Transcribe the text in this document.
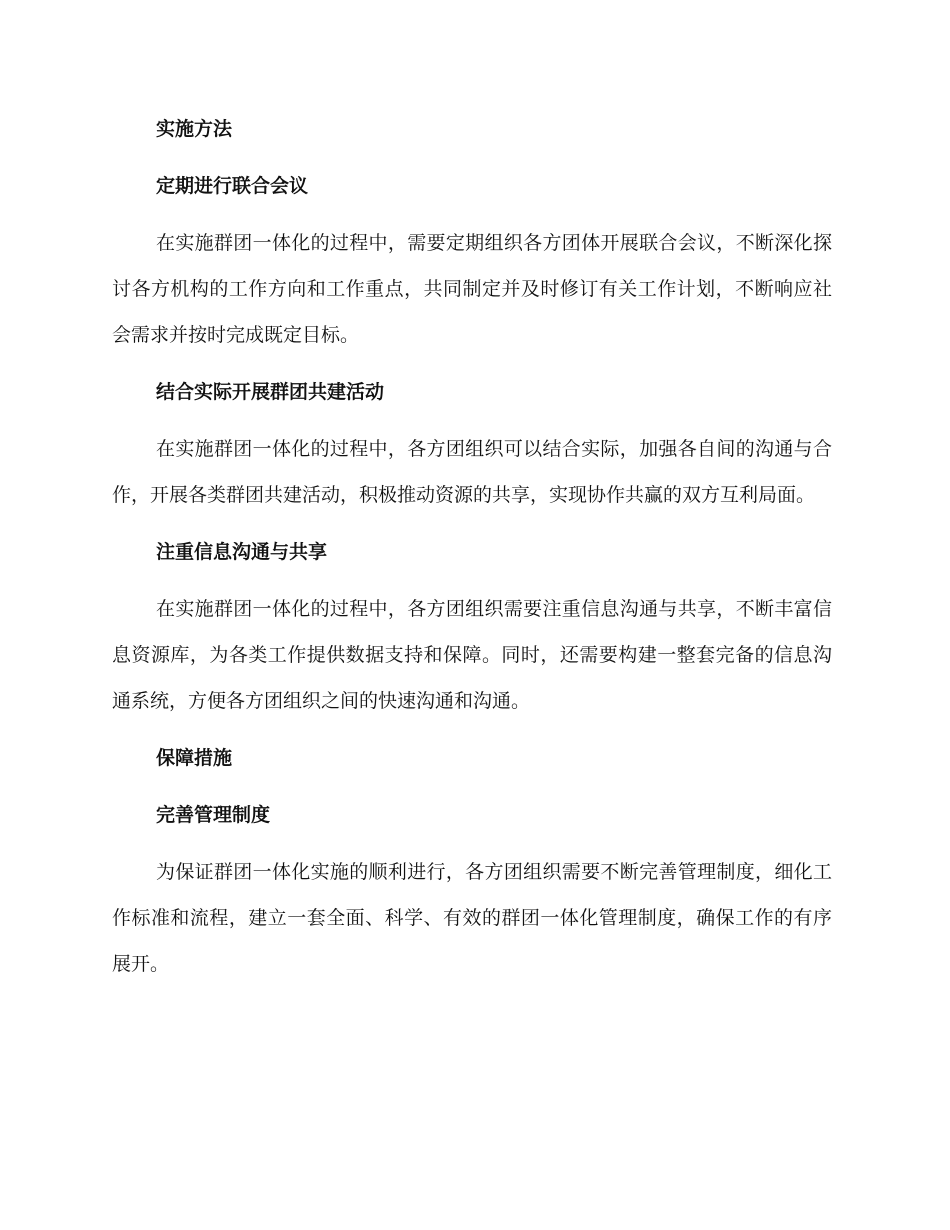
实施方法
定期进行联合会议

在实施群团一体化的过程中，需要定期组织各方团体开展联合会议，不断深化探讨各方机构的工作方向和工作重点，共同制定并及时修订有关工作计划，不断响应社会需求并按时完成既定目标。

结合实际开展群团共建活动

在实施群团一体化的过程中，各方团组织可以结合实际，加强各自间的沟通与合作，开展各类群团共建活动，积极推动资源的共享，实现协作共赢的双方互利局面。

注重信息沟通与共享

在实施群团一体化的过程中，各方团组织需要注重信息沟通与共享，不断丰富信息资源库，为各类工作提供数据支持和保障。同时，还需要构建一整套完备的信息沟通系统，方便各方团组织之间的快速沟通和沟通。

保障措施
完善管理制度

为保证群团一体化实施的顺利进行，各方团组织需要不断完善管理制度，细化工作标准和流程，建立一套全面、科学、有效的群团一体化管理制度，确保工作的有序展开。
